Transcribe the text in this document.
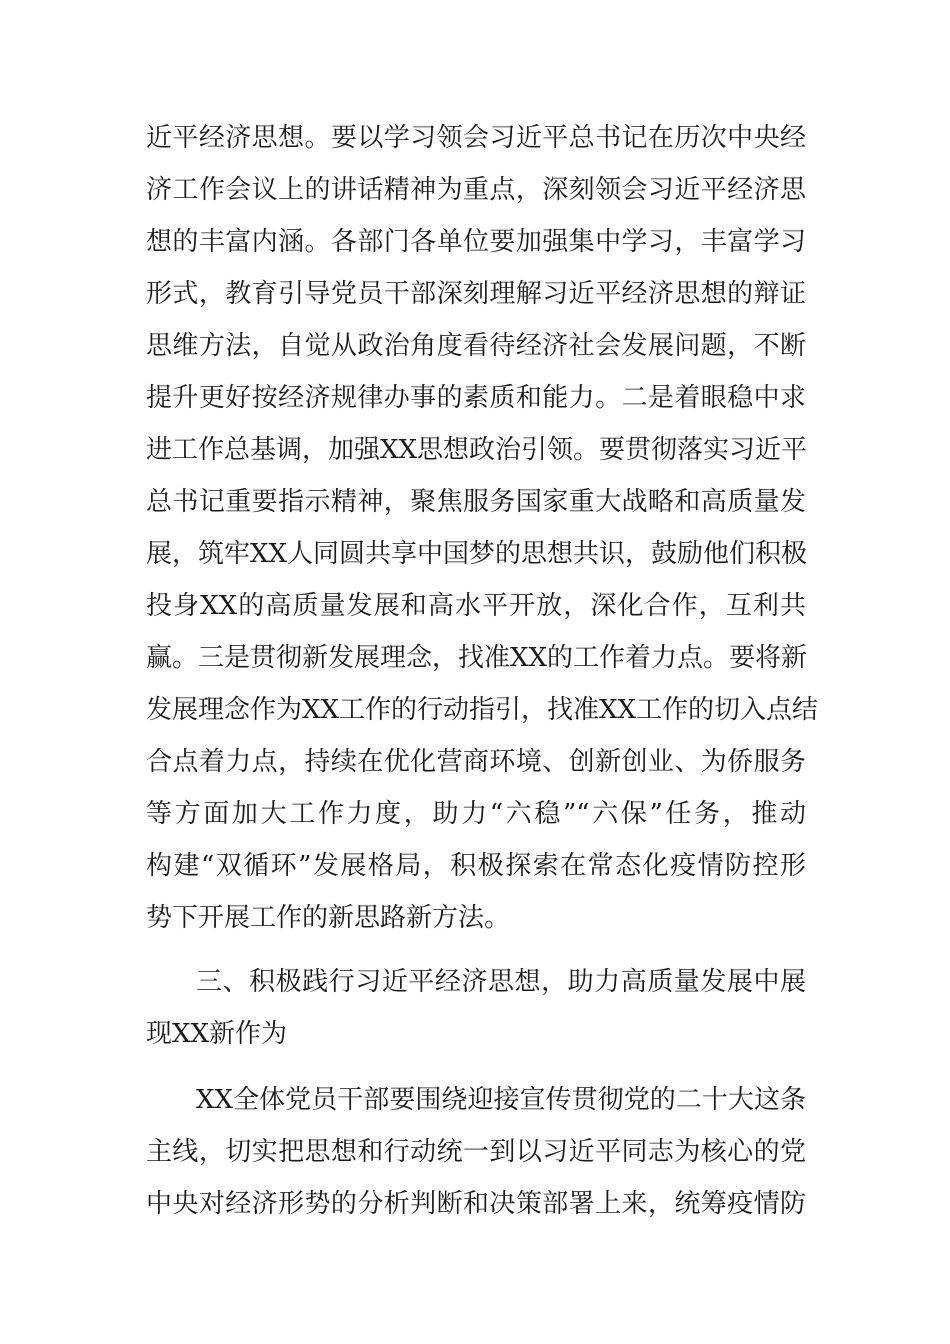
近平经济思想。要以学习领会习近平总书记在历次中央经
济工作会议上的讲话精神为重点，深刻领会习近平经济思
想的丰富内涵。各部门各单位要加强集中学习，丰富学习
形式，教育引导党员干部深刻理解习近平经济思想的辩证
思维方法，自觉从政治角度看待经济社会发展问题，不断
提升更好按经济规律办事的素质和能力。二是着眼稳中求
进工作总基调，加强XX思想政治引领。要贯彻落实习近平
总书记重要指示精神，聚焦服务国家重大战略和高质量发
展，筑牢XX人同圆共享中国梦的思想共识，鼓励他们积极
投身XX的高质量发展和高水平开放，深化合作，互利共
赢。三是贯彻新发展理念，找准XX的工作着力点。要将新
发展理念作为XX工作的行动指引，找准XX工作的切入点结
合点着力点，持续在优化营商环境、创新创业、为侨服务
等方面加大工作力度，助力“六稳”“六保”任务，推动
构建“双循环”发展格局，积极探索在常态化疫情防控形
势下开展工作的新思路新方法。
三、积极践行习近平经济思想，助力高质量发展中展
现XX新作为
XX全体党员干部要围绕迎接宣传贯彻党的二十大这条
主线，切实把思想和行动统一到以习近平同志为核心的党
中央对经济形势的分析判断和决策部署上来，统筹疫情防
